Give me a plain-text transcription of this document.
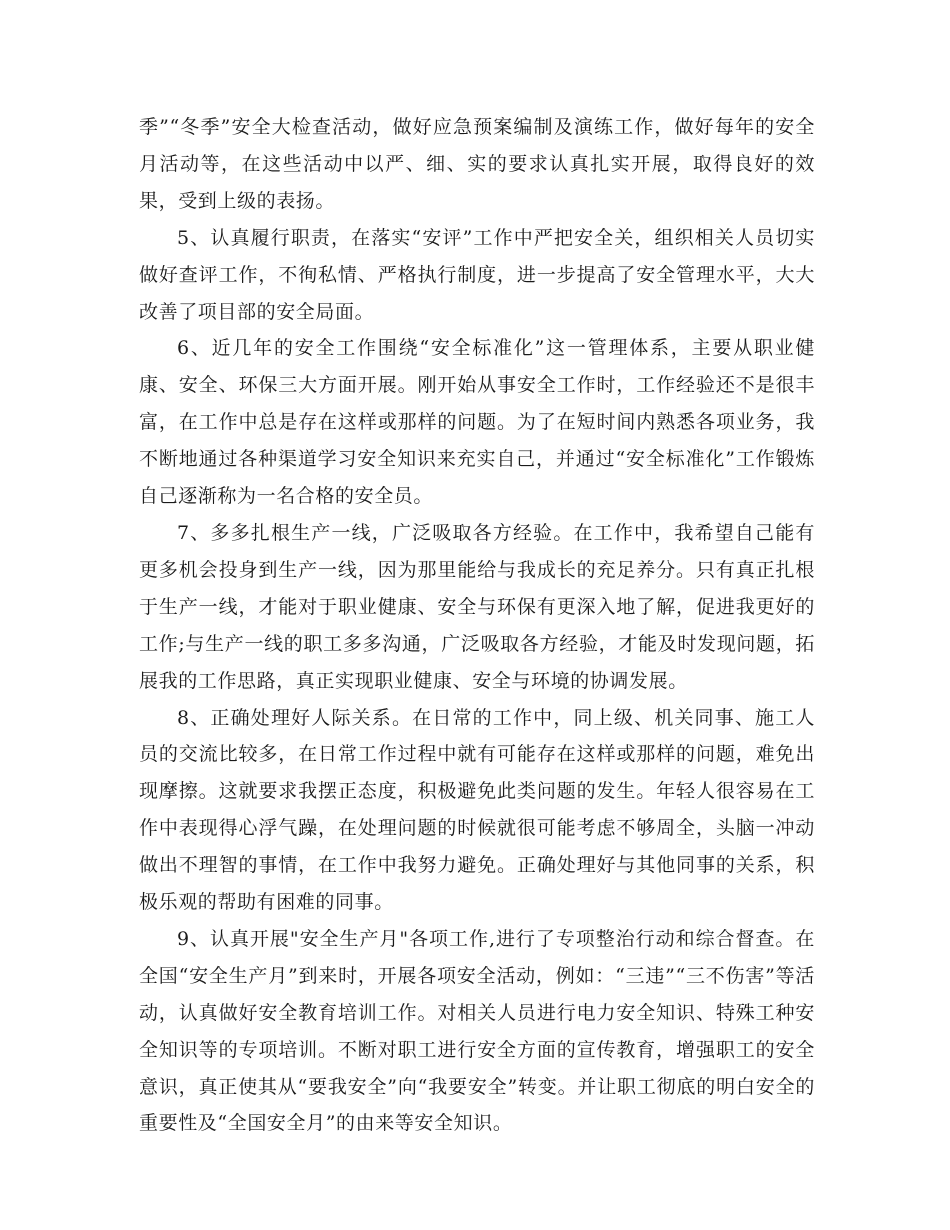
季”“冬季”安全大检查活动，做好应急预案编制及演练工作，做好每年的安全月活动等，在这些活动中以严、细、实的要求认真扎实开展，取得良好的效果，受到上级的表扬。

5、认真履行职责，在落实“安评”工作中严把安全关，组织相关人员切实做好查评工作，不徇私情、严格执行制度，进一步提高了安全管理水平，大大改善了项目部的安全局面。

6、近几年的安全工作围绕“安全标准化”这一管理体系，主要从职业健康、安全、环保三大方面开展。刚开始从事安全工作时，工作经验还不是很丰富，在工作中总是存在这样或那样的问题。为了在短时间内熟悉各项业务，我不断地通过各种渠道学习安全知识来充实自己，并通过“安全标准化”工作锻炼自己逐渐称为一名合格的安全员。

7、多多扎根生产一线，广泛吸取各方经验。在工作中，我希望自己能有更多机会投身到生产一线，因为那里能给与我成长的充足养分。只有真正扎根于生产一线，才能对于职业健康、安全与环保有更深入地了解，促进我更好的工作;与生产一线的职工多多沟通，广泛吸取各方经验，才能及时发现问题，拓展我的工作思路，真正实现职业健康、安全与环境的协调发展。

8、正确处理好人际关系。在日常的工作中，同上级、机关同事、施工人员的交流比较多，在日常工作过程中就有可能存在这样或那样的问题，难免出现摩擦。这就要求我摆正态度，积极避免此类问题的发生。年轻人很容易在工作中表现得心浮气躁，在处理问题的时候就很可能考虑不够周全，头脑一冲动做出不理智的事情，在工作中我努力避免。正确处理好与其他同事的关系，积极乐观的帮助有困难的同事。

9、认真开展"安全生产月"各项工作,进行了专项整治行动和综合督查。在全国“安全生产月”到来时，开展各项安全活动，例如：“三违”“三不伤害”等活动，认真做好安全教育培训工作。对相关人员进行电力安全知识、特殊工种安全知识等的专项培训。不断对职工进行安全方面的宣传教育，增强职工的安全意识，真正使其从“要我安全”向“我要安全”转变。并让职工彻底的明白安全的重要性及“全国安全月”的由来等安全知识。
